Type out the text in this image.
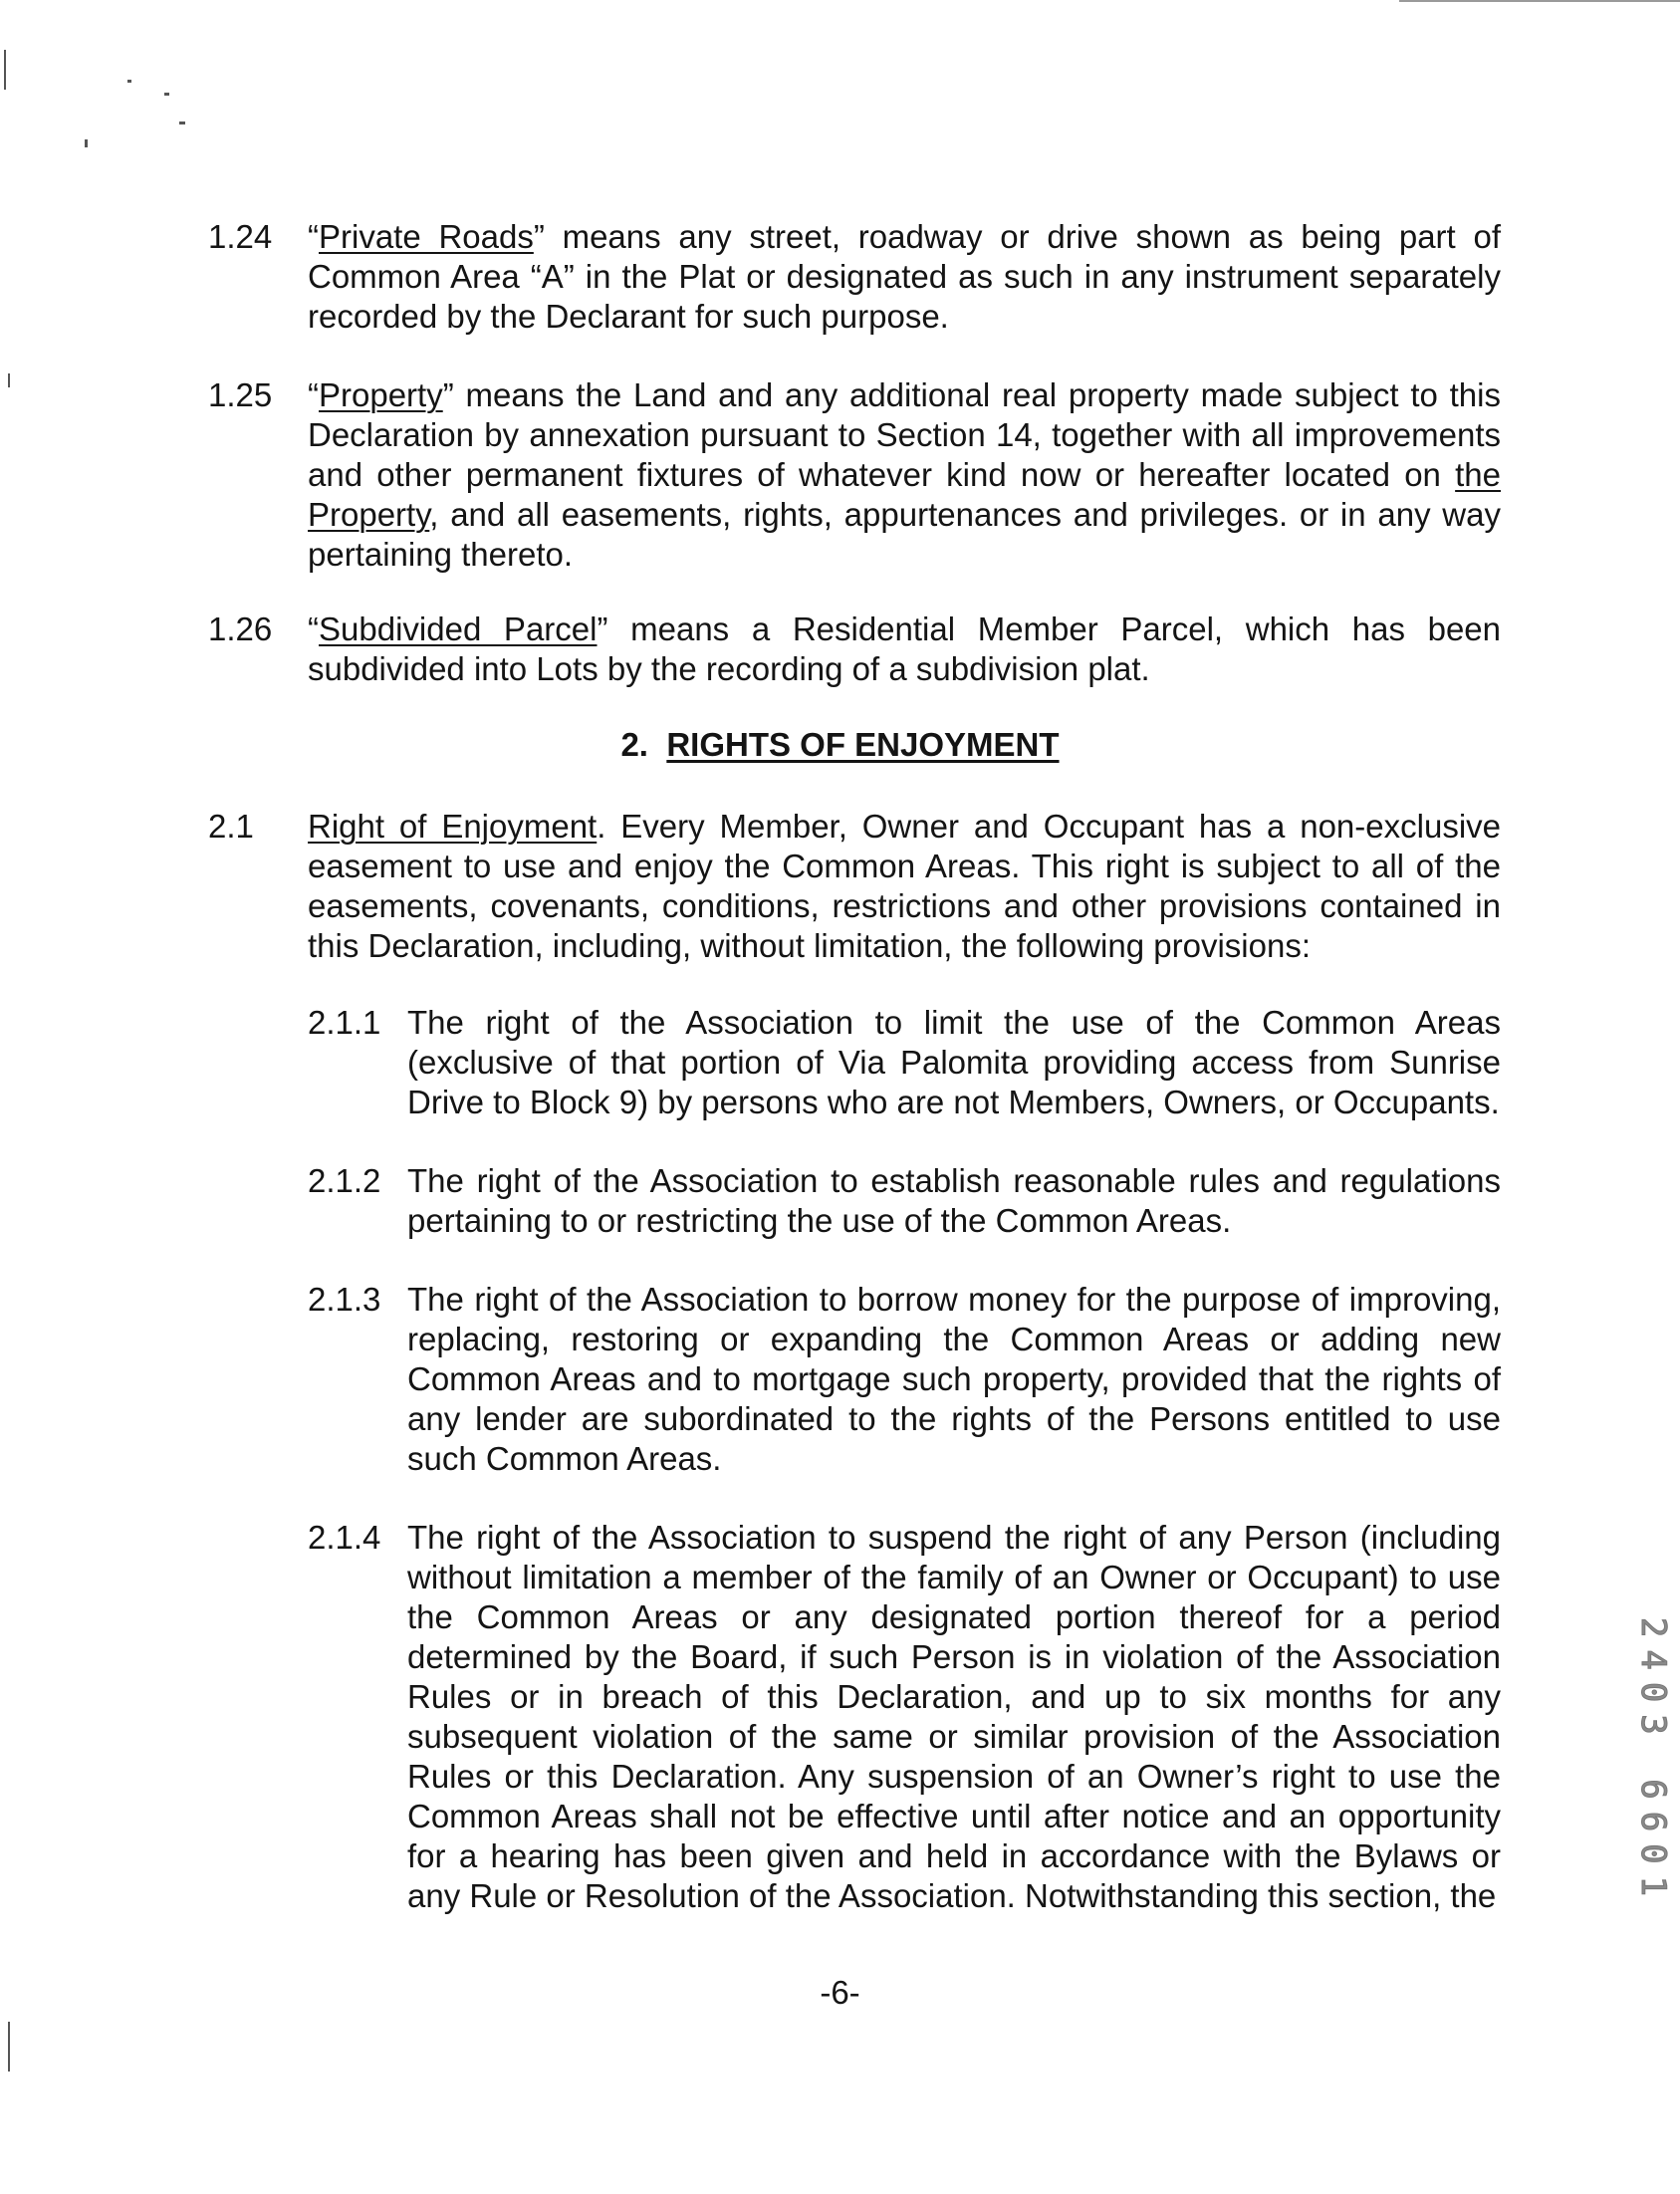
1.24 “Private Roads” means any street, roadway or drive shown as being part of Common Area “A” in the Plat or designated as such in any instrument separately recorded by the Declarant for such purpose.
1.25 “Property” means the Land and any additional real property made subject to this Declaration by annexation pursuant to Section 14, together with all improvements and other permanent fixtures of whatever kind now or hereafter located on the Property, and all easements, rights, appurtenances and privileges. or in any way pertaining thereto.
1.26 “Subdivided Parcel” means a Residential Member Parcel, which has been subdivided into Lots by the recording of a subdivision plat.
2. RIGHTS OF ENJOYMENT
2.1 Right of Enjoyment. Every Member, Owner and Occupant has a non-exclusive easement to use and enjoy the Common Areas. This right is subject to all of the easements, covenants, conditions, restrictions and other provisions contained in this Declaration, including, without limitation, the following provisions:
2.1.1 The right of the Association to limit the use of the Common Areas (exclusive of that portion of Via Palomita providing access from Sunrise Drive to Block 9) by persons who are not Members, Owners, or Occupants.
2.1.2 The right of the Association to establish reasonable rules and regulations pertaining to or restricting the use of the Common Areas.
2.1.3 The right of the Association to borrow money for the purpose of improving, replacing, restoring or expanding the Common Areas or adding new Common Areas and to mortgage such property, provided that the rights of any lender are subordinated to the rights of the Persons entitled to use such Common Areas.
2.1.4 The right of the Association to suspend the right of any Person (including without limitation a member of the family of an Owner or Occupant) to use the Common Areas or any designated portion thereof for a period determined by the Board, if such Person is in violation of the Association Rules or in breach of this Declaration, and up to six months for any subsequent violation of the same or similar provision of the Association Rules or this Declaration. Any suspension of an Owner’s right to use the Common Areas shall not be effective until after notice and an opportunity for a hearing has been given and held in accordance with the Bylaws or any Rule or Resolution of the Association. Notwithstanding this section, the
-6-
2403 6601
